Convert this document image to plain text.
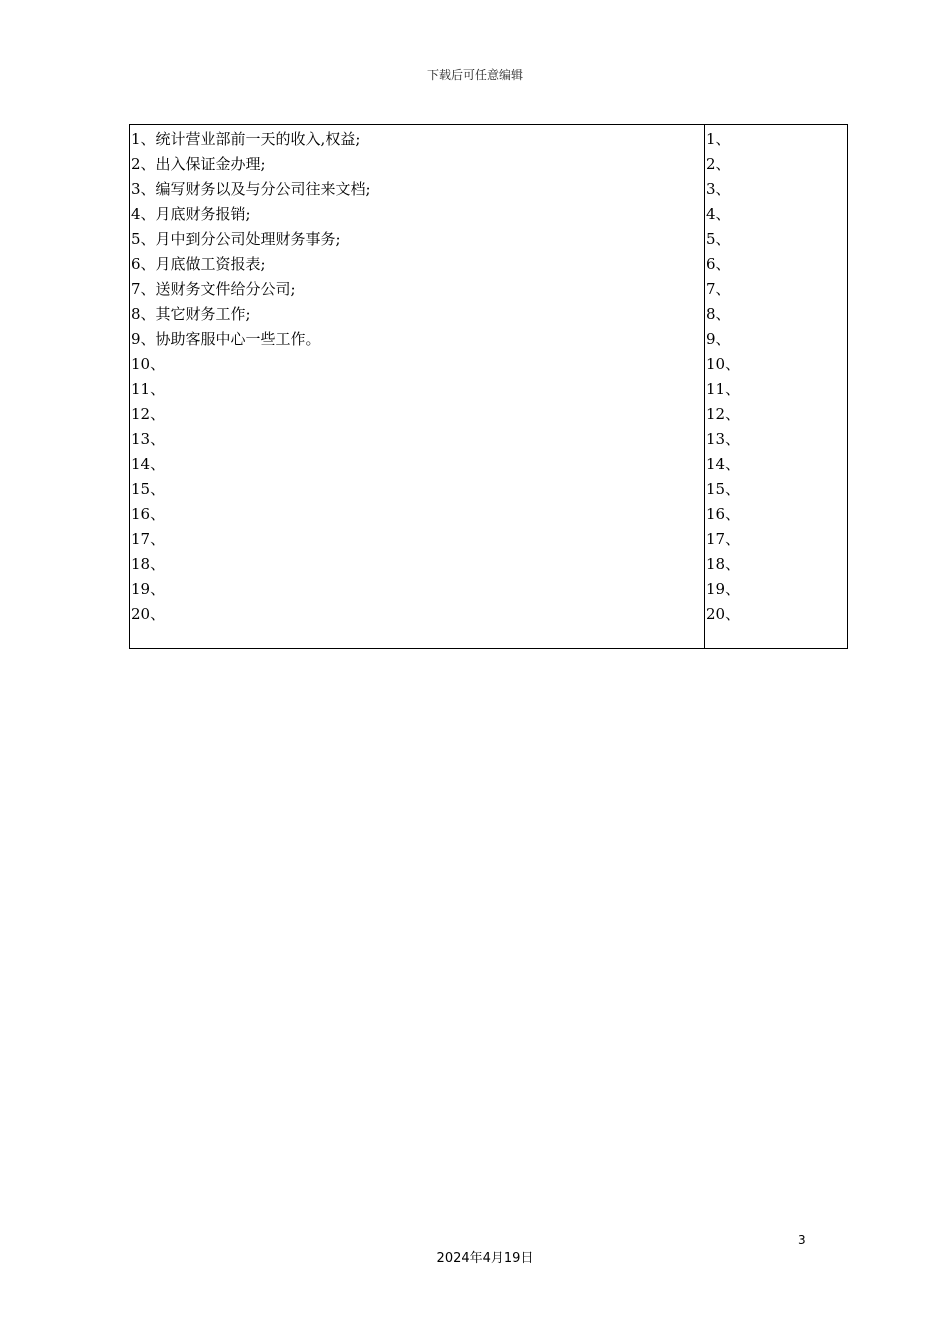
下载后可任意编辑
1、统计营业部前一天的收入,权益;
2、出入保证金办理;
3、编写财务以及与分公司往来文档;
4、月底财务报销;
5、月中到分公司处理财务事务;
6、月底做工资报表;
7、送财务文件给分公司;
8、其它财务工作;
9、协助客服中心一些工作。
10、
11、
12、
13、
14、
15、
16、
17、
18、
19、
20、
1、
2、
3、
4、
5、
6、
7、
8、
9、
10、
11、
12、
13、
14、
15、
16、
17、
18、
19、
20、
3
2024年4月19日
